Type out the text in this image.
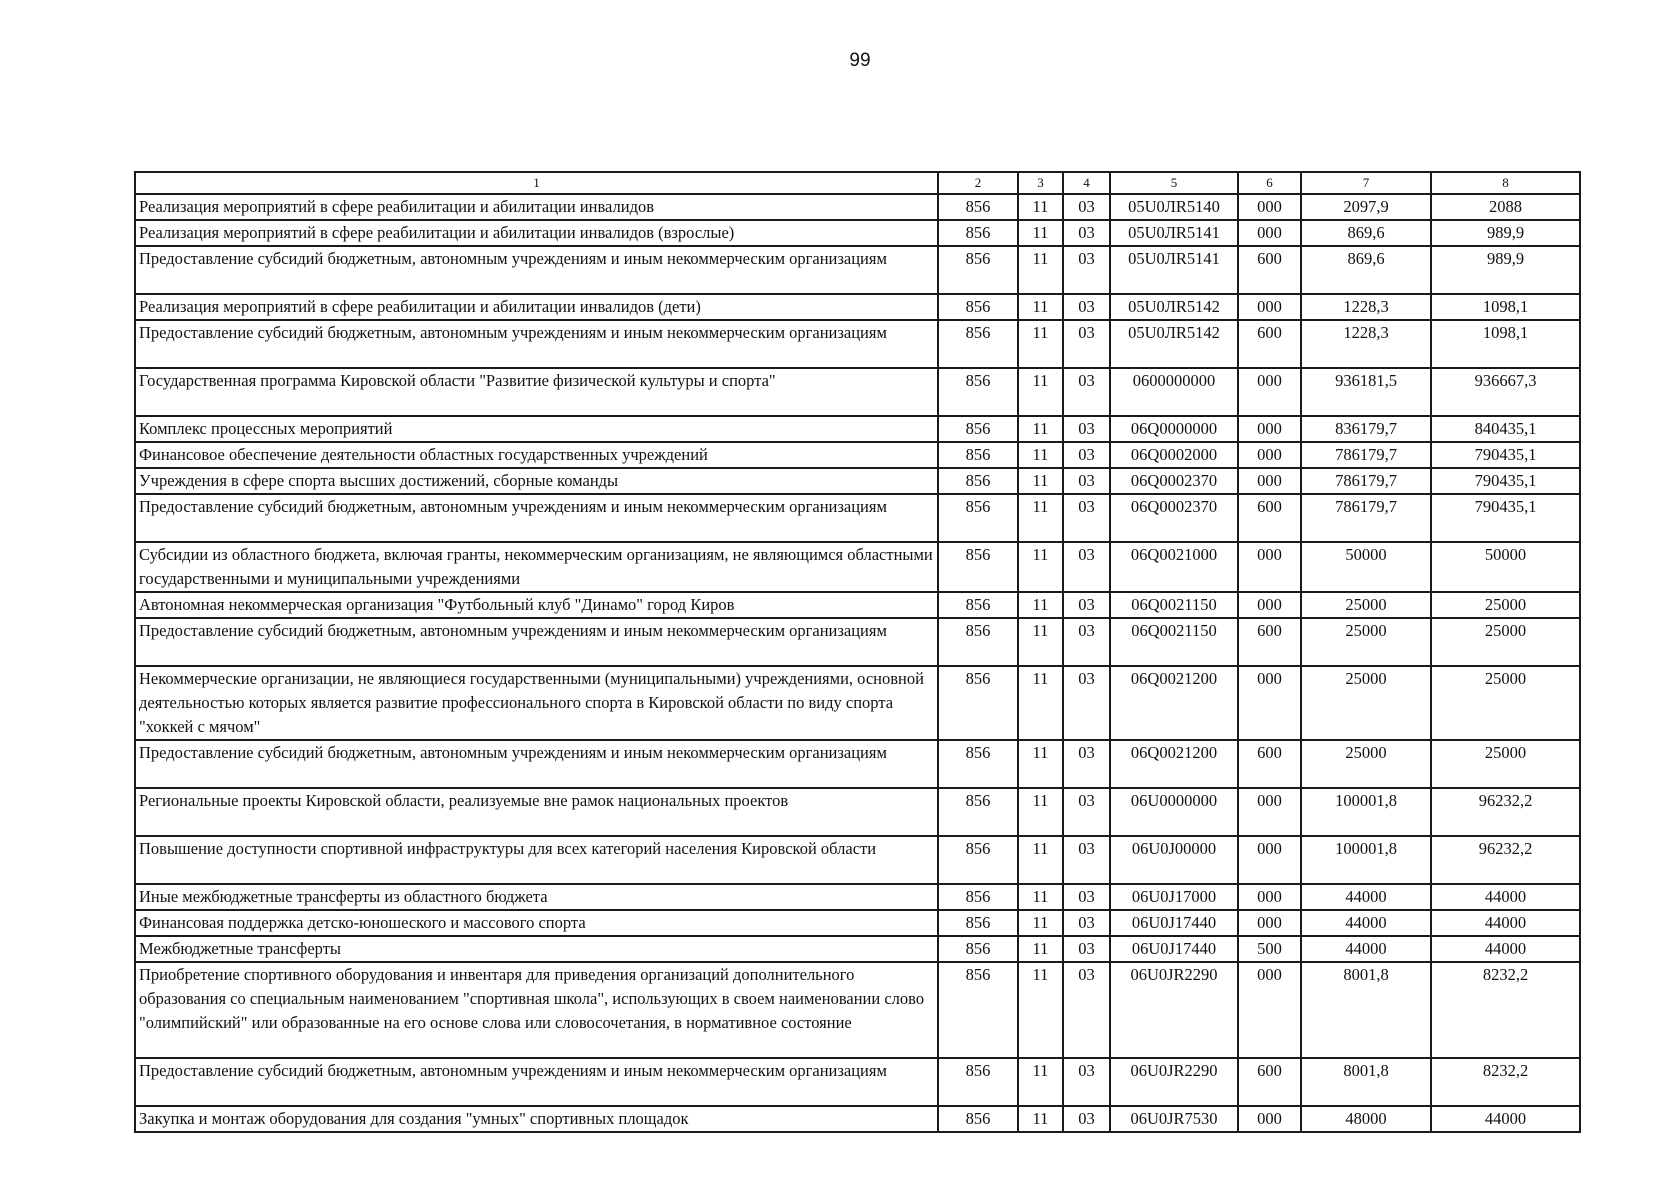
99
1	2	3	4	5	6	7	8
Реализация мероприятий в сфере реабилитации и абилитации инвалидов	856	11	03	05U0ЛR5140	000	2097,9	2088
Реализация мероприятий в сфере реабилитации и абилитации инвалидов (взрослые)	856	11	03	05U0ЛR5141	000	869,6	989,9
Предоставление субсидий бюджетным, автономным учреждениям и иным некоммерческим организациям	856	11	03	05U0ЛR5141	600	869,6	989,9
Реализация мероприятий в сфере реабилитации и абилитации инвалидов (дети)	856	11	03	05U0ЛR5142	000	1228,3	1098,1
Предоставление субсидий бюджетным, автономным учреждениям и иным некоммерческим организациям	856	11	03	05U0ЛR5142	600	1228,3	1098,1
Государственная программа Кировской области "Развитие физической культуры и спорта"	856	11	03	0600000000	000	936181,5	936667,3
Комплекс процессных мероприятий	856	11	03	06Q0000000	000	836179,7	840435,1
Финансовое обеспечение деятельности областных государственных учреждений	856	11	03	06Q0002000	000	786179,7	790435,1
Учреждения в сфере спорта высших достижений, сборные команды	856	11	03	06Q0002370	000	786179,7	790435,1
Предоставление субсидий бюджетным, автономным учреждениям и иным некоммерческим организациям	856	11	03	06Q0002370	600	786179,7	790435,1
Субсидии из областного бюджета, включая гранты, некоммерческим организациям, не являющимся областными государственными и муниципальными учреждениями	856	11	03	06Q0021000	000	50000	50000
Автономная некоммерческая организация "Футбольный клуб "Динамо" город Киров	856	11	03	06Q0021150	000	25000	25000
Предоставление субсидий бюджетным, автономным учреждениям и иным некоммерческим организациям	856	11	03	06Q0021150	600	25000	25000
Некоммерческие организации, не являющиеся государственными (муниципальными) учреждениями, основной деятельностью которых является развитие профессионального спорта в Кировской области по виду спорта "хоккей с мячом"	856	11	03	06Q0021200	000	25000	25000
Предоставление субсидий бюджетным, автономным учреждениям и иным некоммерческим организациям	856	11	03	06Q0021200	600	25000	25000
Региональные проекты Кировской области, реализуемые вне рамок национальных проектов	856	11	03	06U0000000	000	100001,8	96232,2
Повышение доступности спортивной инфраструктуры для всех категорий населения Кировской области	856	11	03	06U0J00000	000	100001,8	96232,2
Иные межбюджетные трансферты из областного бюджета	856	11	03	06U0J17000	000	44000	44000
Финансовая поддержка детско-юношеского и массового спорта	856	11	03	06U0J17440	000	44000	44000
Межбюджетные трансферты	856	11	03	06U0J17440	500	44000	44000
Приобретение спортивного оборудования и инвентаря для приведения организаций дополнительного образования со специальным наименованием "спортивная школа", использующих в своем наименовании слово "олимпийский" или образованные на его основе слова или словосочетания, в нормативное состояние	856	11	03	06U0JR2290	000	8001,8	8232,2
Предоставление субсидий бюджетным, автономным учреждениям и иным некоммерческим организациям	856	11	03	06U0JR2290	600	8001,8	8232,2
Закупка и монтаж оборудования для создания "умных" спортивных площадок	856	11	03	06U0JR7530	000	48000	44000
